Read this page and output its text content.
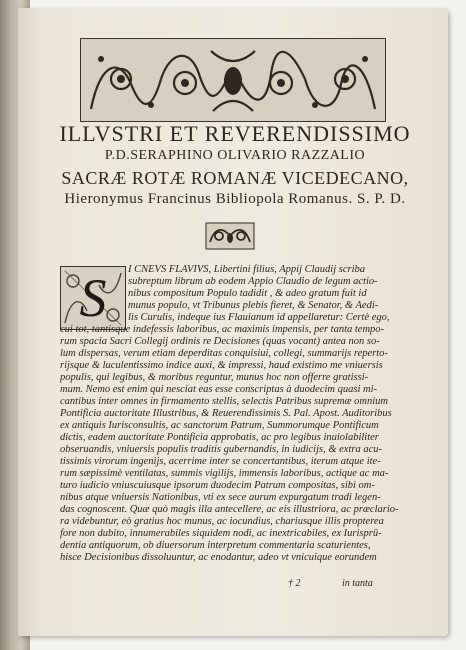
ILLVSTRI ET REVERENDISSIMO
P.D.SERAPHINO OLIVARIO RAZZALIO
SACRÆ ROTÆ ROMANÆ VICEDECANO,
Hieronymus Francinus Bibliopola Romanus. S. P. D.
S	I CNEVS FLAVIVS, Libertini filius, Appij Claudij scriba
subreptum librum ab eodem Appio Claudio de legum actio-
nibus compositum Populo tadidit , & adeo gratum fuit id
munus populo, vt Tribunus plebis fieret, & Senator, & Aedi-
lis Curulis, indeque ius Flauianum id appellaretur: Certè ego,
cui tot, tantisque indefessis laboribus, ac maximis impensis, per tanta tempo-
rum spacia Sacri Collegij ordinis re Decisiones (quas vocant) antea non so-
lum dispersas, verum etiam deperditas conquisiui, collegi, summarijs reperto-
rijsque & luculentissimo indice auxi, & impressi, haud existimo me vniuersis
populis, qui legibus, & moribus reguntur, munus hoc non offerre gratissi-
mum. Nemo est enim qui nesciat eas esse conscriptas à duodecim quasi mi-
cantibus inter omnes in firmamento stellis, selectis Patribus supremæ omnium
Pontificia auctoritate Illustribus, & Reuerendissimis S. Pal. Apost. Auditoribus
ex antiquis Iurisconsultis, ac sanctorum Patrum, Summorumque Pontificum
dictis, eadem auctoritate Pontificia approbatis, ac pro legibus inuiolabiliter
obseruandis, vniuersis populis traditis gubernandis, in iudicijs, & extra acu-
tissimis virorum ingenijs, acerrime inter se concertantibus, iterum atque ite-
rum sæpissimè ventilatas, summis vigilijs, immensis laboribus, actique ac ma-
turo iudicio vniuscuiusque ipsorum duodecim Patrum compositas, sibi om-
nibus atque vniuersis Nationibus, vti ex sece aurum expurgatum tradi legen-
das cognoscent. Quæ quò magis illa antecellere, ac eis illustriora, ac præclario-
ra videbuntur, eò gratius hoc munus, ac iocundius, chariusque illis propterea
fore non dubito, innumerabiles siquidem nodi, ac inextricabiles, ex Iurisprū-
dentia antiquorum, ob diuersorum interpretum commentaria scaturientes,
hisce Decisionibus dissoluuntur, ac enodantur, adeo vt vnicuique eorundem
† 2	in tanta
